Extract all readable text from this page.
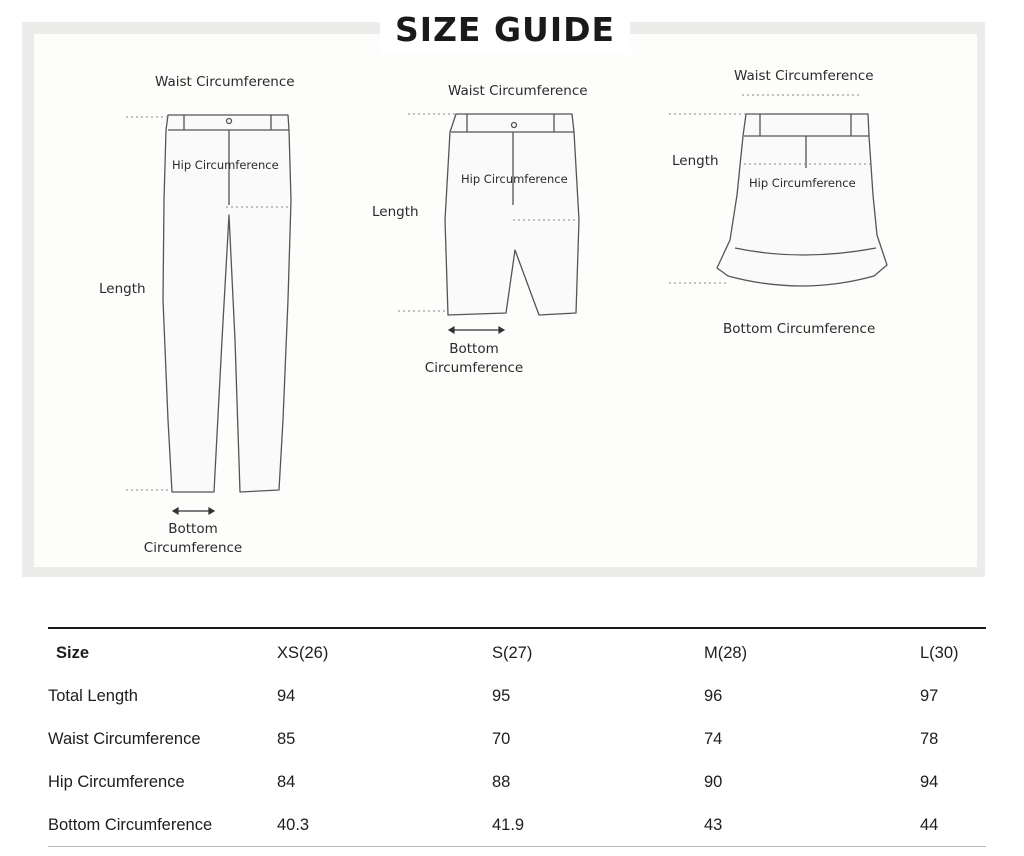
SIZE GUIDE
Waist Circumference
Hip Circumference
Length
Bottom
Circumference
Waist Circumference
Hip Circumference
Length
Bottom
Circumference
Waist Circumference
Length
Hip Circumference
Bottom Circumference
Size	XS(26)	S(27)	M(28)	L(30)
Total Length	94	95	96	97
Waist Circumference	85	70	74	78
Hip Circumference	84	88	90	94
Bottom Circumference	40.3	41.9	43	44
